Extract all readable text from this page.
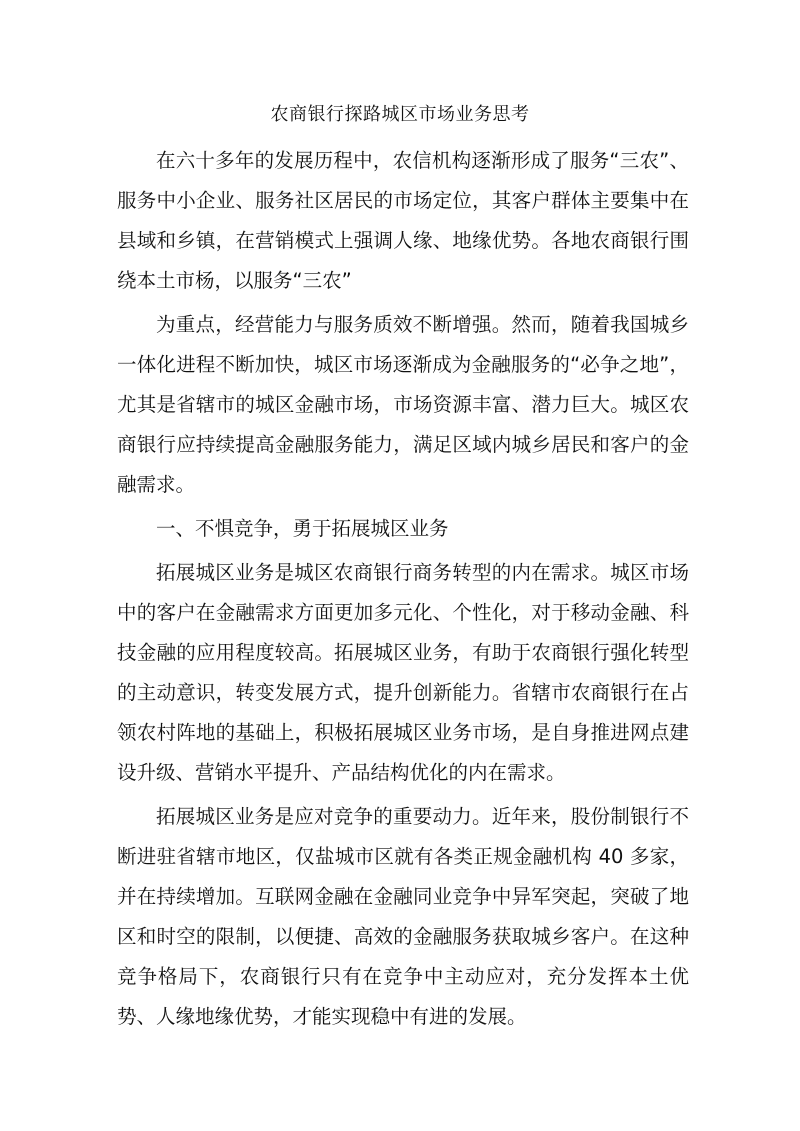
农商银行探路城区市场业务思考

在六十多年的发展历程中，农信机构逐渐形成了服务“三农”、服务中小企业、服务社区居民的市场定位，其客户群体主要集中在县域和乡镇，在营销模式上强调人缘、地缘优势。各地农商银行围绕本土市杨，以服务“三农”

为重点，经营能力与服务质效不断增强。然而，随着我国城乡一体化进程不断加快，城区市场逐渐成为金融服务的“必争之地”，尤其是省辖市的城区金融市场，市场资源丰富、潜力巨大。城区农商银行应持续提高金融服务能力，满足区域内城乡居民和客户的金融需求。

一、不惧竞争，勇于拓展城区业务

拓展城区业务是城区农商银行商务转型的内在需求。城区市场中的客户在金融需求方面更加多元化、个性化，对于移动金融、科技金融的应用程度较高。拓展城区业务，有助于农商银行强化转型的主动意识，转变发展方式，提升创新能力。省辖市农商银行在占领农村阵地的基础上，积极拓展城区业务市场，是自身推进网点建设升级、营销水平提升、产品结构优化的内在需求。

拓展城区业务是应对竞争的重要动力。近年来，股份制银行不断进驻省辖市地区，仅盐城市区就有各类正规金融机构 40 多家，并在持续增加。互联网金融在金融同业竞争中异军突起，突破了地区和时空的限制，以便捷、高效的金融服务获取城乡客户。在这种竞争格局下，农商银行只有在竞争中主动应对，充分发挥本土优势、人缘地缘优势，才能实现稳中有进的发展。
